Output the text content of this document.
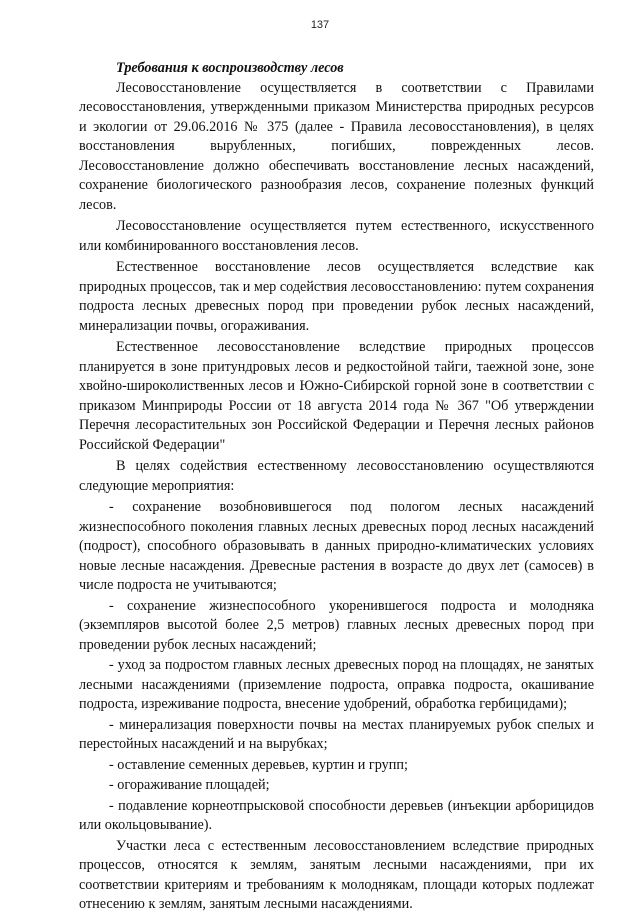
137

Требования к воспроизводству лесов

Лесовосстановление осуществляется в соответствии с Правилами лесовосстановления, утвержденными приказом Министерства природных ресурсов и экологии от 29.06.2016 № 375 (далее - Правила лесовосстановления), в целях восстановления вырубленных, погибших, поврежденных лесов. Лесовосстановление должно обеспечивать восстановление лесных насаждений, сохранение биологического разнообразия лесов, сохранение полезных функций лесов.

Лесовосстановление осуществляется путем естественного, искусственного или комбинированного восстановления лесов.

Естественное восстановление лесов осуществляется вследствие как природных процессов, так и мер содействия лесовосстановлению: путем сохранения подроста лесных древесных пород при проведении рубок лесных насаждений, минерализации почвы, огораживания.

Естественное лесовосстановление вследствие природных процессов планируется в зоне притундровых лесов и редкостойной тайги, таежной зоне, зоне хвойно-широколиственных лесов и Южно-Сибирской горной зоне в соответствии с приказом Минприроды России от 18 августа 2014 года № 367 "Об утверждении Перечня лесорастительных зон Российской Федерации и Перечня лесных районов Российской Федерации"

В целях содействия естественному лесовосстановлению осуществляются следующие мероприятия:

- сохранение возобновившегося под пологом лесных насаждений жизнеспособного поколения главных лесных древесных пород лесных насаждений (подрост), способного образовывать в данных природно-климатических условиях новые лесные насаждения. Древесные растения в возрасте до двух лет (самосев) в числе подроста не учитываются;

- сохранение жизнеспособного укоренившегося подроста и молодняка (экземпляров высотой более 2,5 метров) главных лесных древесных пород при проведении рубок лесных насаждений;

- уход за подростом главных лесных древесных пород на площадях, не занятых лесными насаждениями (приземление подроста, оправка подроста, окашивание подроста, изреживание подроста, внесение удобрений, обработка гербицидами);

- минерализация поверхности почвы на местах планируемых рубок спелых и перестойных насаждений и на вырубках;

- оставление семенных деревьев, куртин и групп;

- огораживание площадей;

- подавление корнеотпрысковой способности деревьев (инъекции арборицидов или окольцовывание).

Участки леса с естественным лесовосстановлением вследствие природных процессов, относятся к землям, занятым лесными насаждениями, при их соответствии критериям и требованиям к молоднякам, площади которых подлежат отнесению к землям, занятым лесными насаждениями.
